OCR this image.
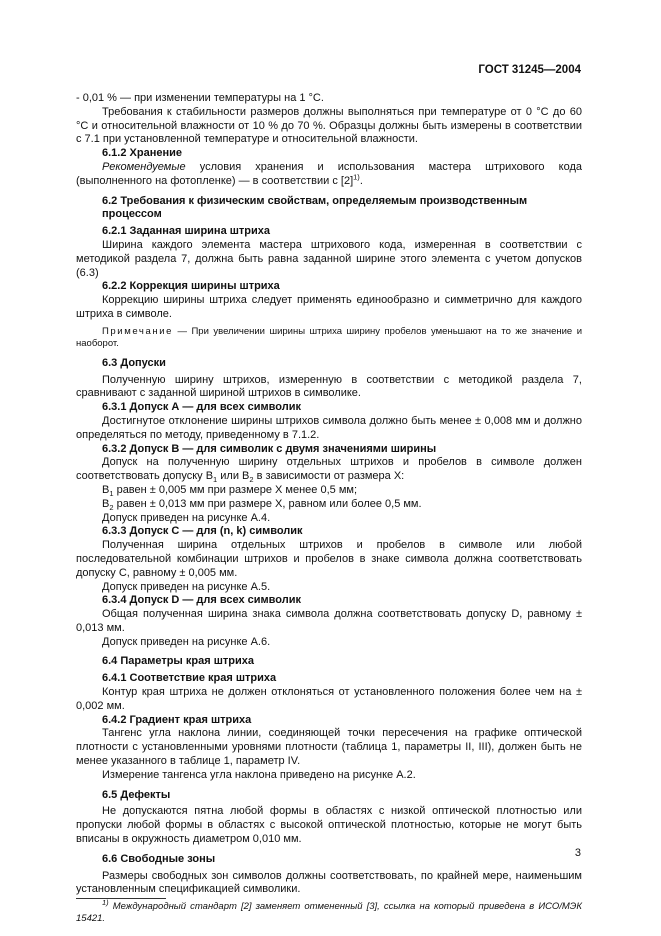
ГОСТ 31245—2004

- 0,01 % — при изменении температуры на 1 °С.

Требования к стабильности размеров должны выполняться при температуре от 0 °С до 60 °С и относительной влажности от 10 % до 70 %. Образцы должны быть измерены в соответствии с 7.1 при установленной температуре и относительной влажности.

6.1.2 Хранение

Рекомендуемые условия хранения и использования мастера штрихового кода (выполненного на фотопленке) — в соответствии с $[2]^{1)}$.

6.2 Требования к физическим свойствам, определяемым производственным процессом
6.2.1 Заданная ширина штриха

Ширина каждого элемента мастера штрихового кода, измеренная в соответствии с методикой раздела 7, должна быть равна заданной ширине этого элемента с учетом допусков (6.3)

6.2.2 Коррекция ширины штриха

Коррекцию ширины штриха следует применять единообразно и симметрично для каждого штриха в символе.

Примечание — При увеличении ширины штриха ширину пробелов уменьшают на то же значение и наоборот.

6.3 Допуски

Полученную ширину штрихов, измеренную в соответствии с методикой раздела 7, сравнивают с заданной шириной штрихов в символике.

6.3.1 Допуск А — для всех символик

Достигнутое отклонение ширины штрихов символа должно быть менее ± 0,008 мм и должно определяться по методу, приведенному в 7.1.2.

6.3.2 Допуск В — для символик с двумя значениями ширины

Допуск на полученную ширину отдельных штрихов и пробелов в символе должен соответствовать допуску $B_1$ или $B_2$ в зависимости от размера X:

$B_1$ равен ± 0,005 мм при размере X менее 0,5 мм;

$B_2$ равен ± 0,013 мм при размере X, равном или более 0,5 мм.

Допуск приведен на рисунке А.4.

6.3.3 Допуск С — для (n, k) символик

Полученная ширина отдельных штрихов и пробелов в символе или любой последовательной комбинации штрихов и пробелов в знаке символа должна соответствовать допуску С, равному ± 0,005 мм.

Допуск приведен на рисунке А.5.

6.3.4 Допуск D — для всех символик

Общая полученная ширина знака символа должна соответствовать допуску D, равному ± 0,013 мм.

Допуск приведен на рисунке А.6.

6.4 Параметры края штриха
6.4.1 Соответствие края штриха

Контур края штриха не должен отклоняться от установленного положения более чем на ± 0,002 мм.

6.4.2 Градиент края штриха

Тангенс угла наклона линии, соединяющей точки пересечения на графике оптической плотности с установленными уровнями плотности (таблица 1, параметры II, III), должен быть не менее указанного в таблице 1, параметр IV.

Измерение тангенса угла наклона приведено на рисунке А.2.

6.5 Дефекты

Не допускаются пятна любой формы в областях с низкой оптической плотностью или пропуски любой формы в областях с высокой оптической плотностью, которые не могут быть вписаны в окружность диаметром 0,010 мм.

6.6 Свободные зоны

Размеры свободных зон символов должны соответствовать, по крайней мере, наименьшим установленным спецификацией символики.

$^{1)}$ Международный стандарт [2] заменяет отмененный [3], ссылка на который приведена в ИСО/МЭК 15421.

3
